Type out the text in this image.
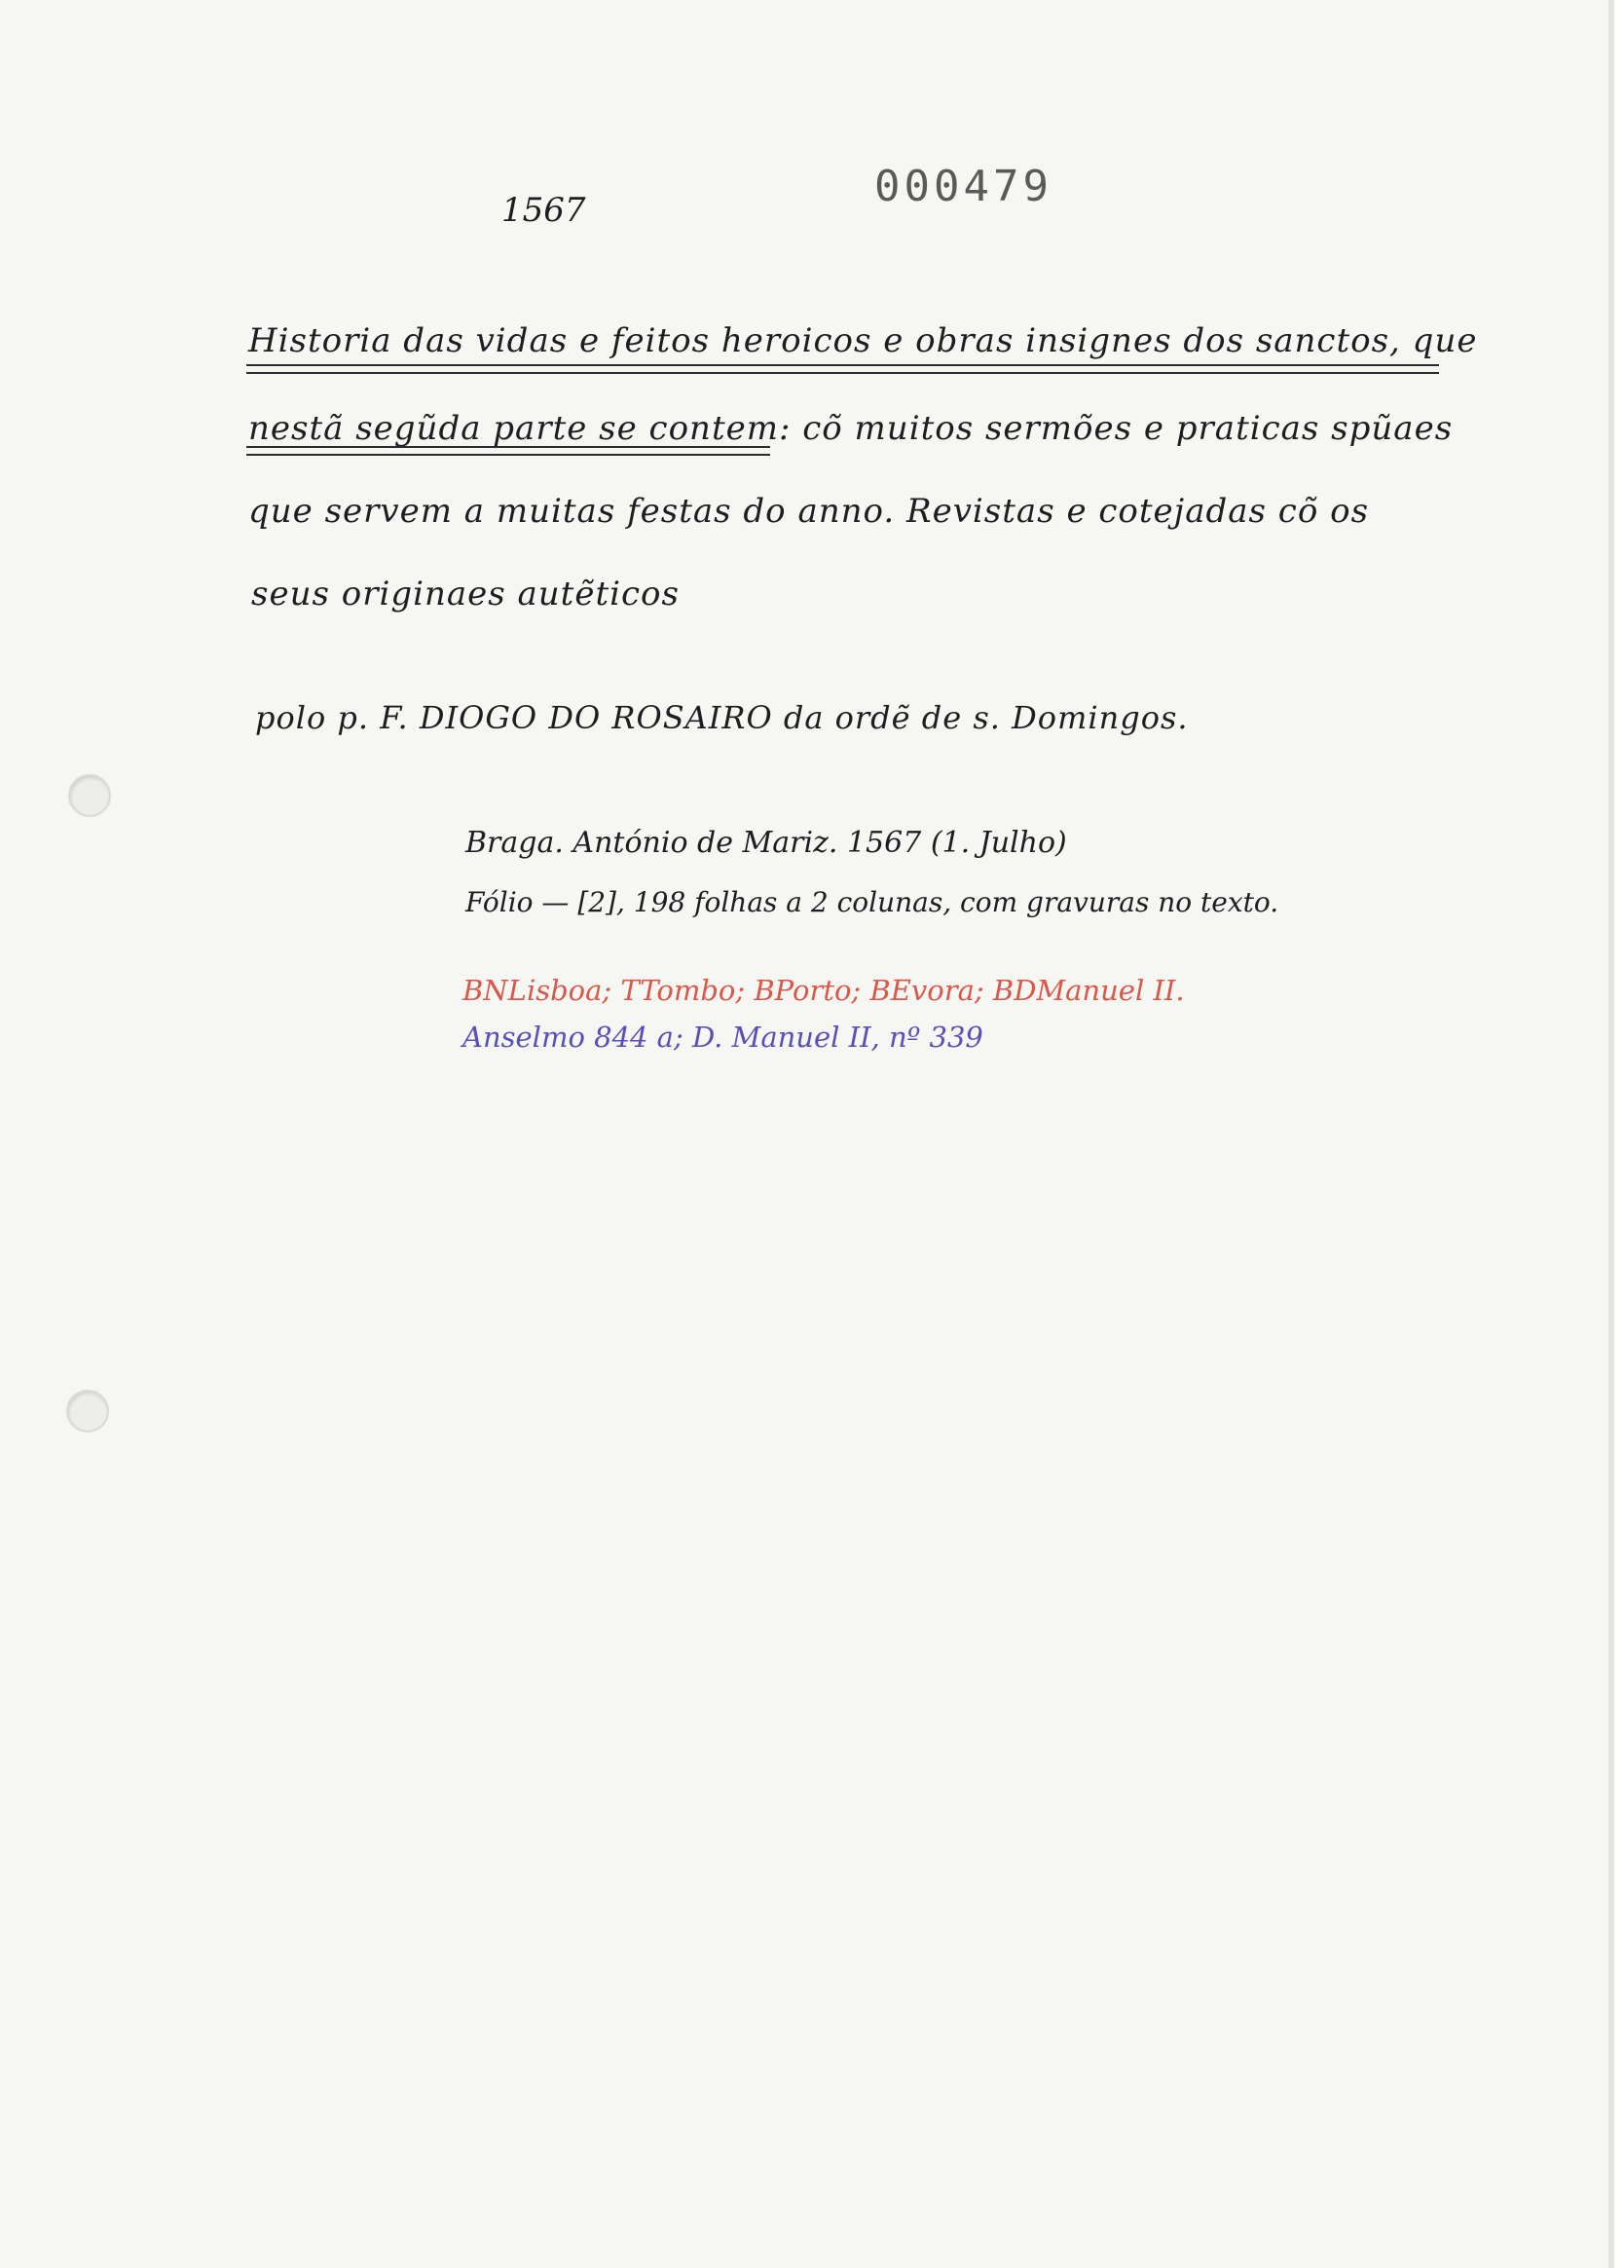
000479
1567
Historia das vidas e feitos heroicos e obras insignes dos sanctos, que
nestã segũda parte se contem: cõ muitos sermões e praticas spũaes
que servem a muitas festas do anno. Revistas e cotejadas cõ os
seus originaes autẽticos
polo p. F. DIOGO DO ROSAIRO da ordẽ de s. Domingos.
Braga. António de Mariz. 1567 (1. Julho)
Fólio — [2], 198 folhas a 2 colunas, com gravuras no texto.
BNLisboa; TTombo; BPorto; BEvora; BDManuel II.
Anselmo 844 a; D. Manuel II, nº 339
